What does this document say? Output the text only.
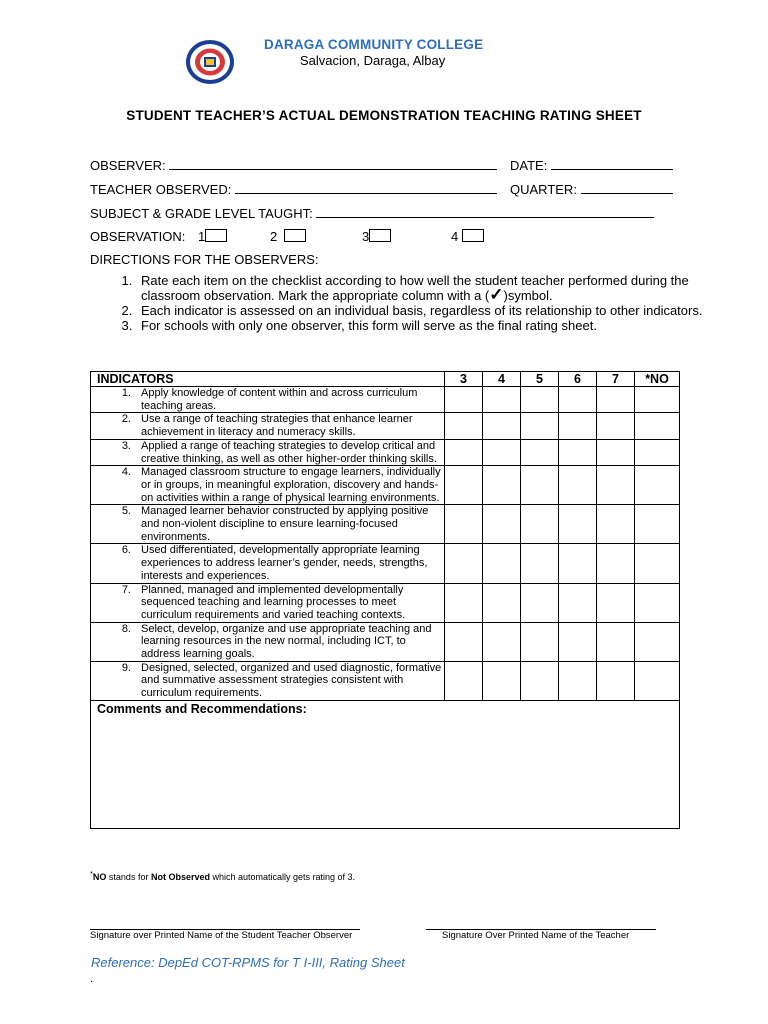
DARAGA COMMUNITY COLLEGE
Salvacion, Daraga, Albay
STUDENT TEACHER’S ACTUAL DEMONSTRATION TEACHING RATING SHEET
OBSERVER:	DATE:
TEACHER OBSERVED:	QUARTER:
SUBJECT & GRADE LEVEL TAUGHT:
OBSERVATION: 1	2	3	4
DIRECTIONS FOR THE OBSERVERS:
1. Rate each item on the checklist according to how well the student teacher performed during the classroom observation. Mark the appropriate column with a (✓)symbol.
2. Each indicator is assessed on an individual basis, regardless of its relationship to other indicators.
3. For schools with only one observer, this form will serve as the final rating sheet.
INDICATORS	3	4	5	6	7	*NO

1. Apply knowledge of content within and across curriculum teaching areas.						

2. Use a range of teaching strategies that enhance learner achievement in literacy and numeracy skills.						

3. Applied a range of teaching strategies to develop critical and creative thinking, as well as other higher-order thinking skills.						

4. Managed classroom structure to engage learners, individually or in groups, in meaningful exploration, discovery and hands-on activities within a range of physical learning environments.						

5. Managed learner behavior constructed by applying positive and non-violent discipline to ensure learning-focused environments.						

6. Used differentiated, developmentally appropriate learning experiences to address learner’s gender, needs, strengths, interests and experiences.						

7. Planned, managed and implemented developmentally sequenced teaching and learning processes to meet curriculum requirements and varied teaching contexts.						

8. Select, develop, organize and use appropriate teaching and learning resources in the new normal, including ICT, to address learning goals.						

9. Designed, selected, organized and used diagnostic, formative and summative assessment strategies consistent with curriculum requirements.						

Comments and Recommendations:						
*NO stands for Not Observed which automatically gets rating of 3.
Signature over Printed Name of the Student Teacher Observer	Signature Over Printed Name of the Teacher
Reference: DepEd COT-RPMS for T I-III, Rating Sheet
.
